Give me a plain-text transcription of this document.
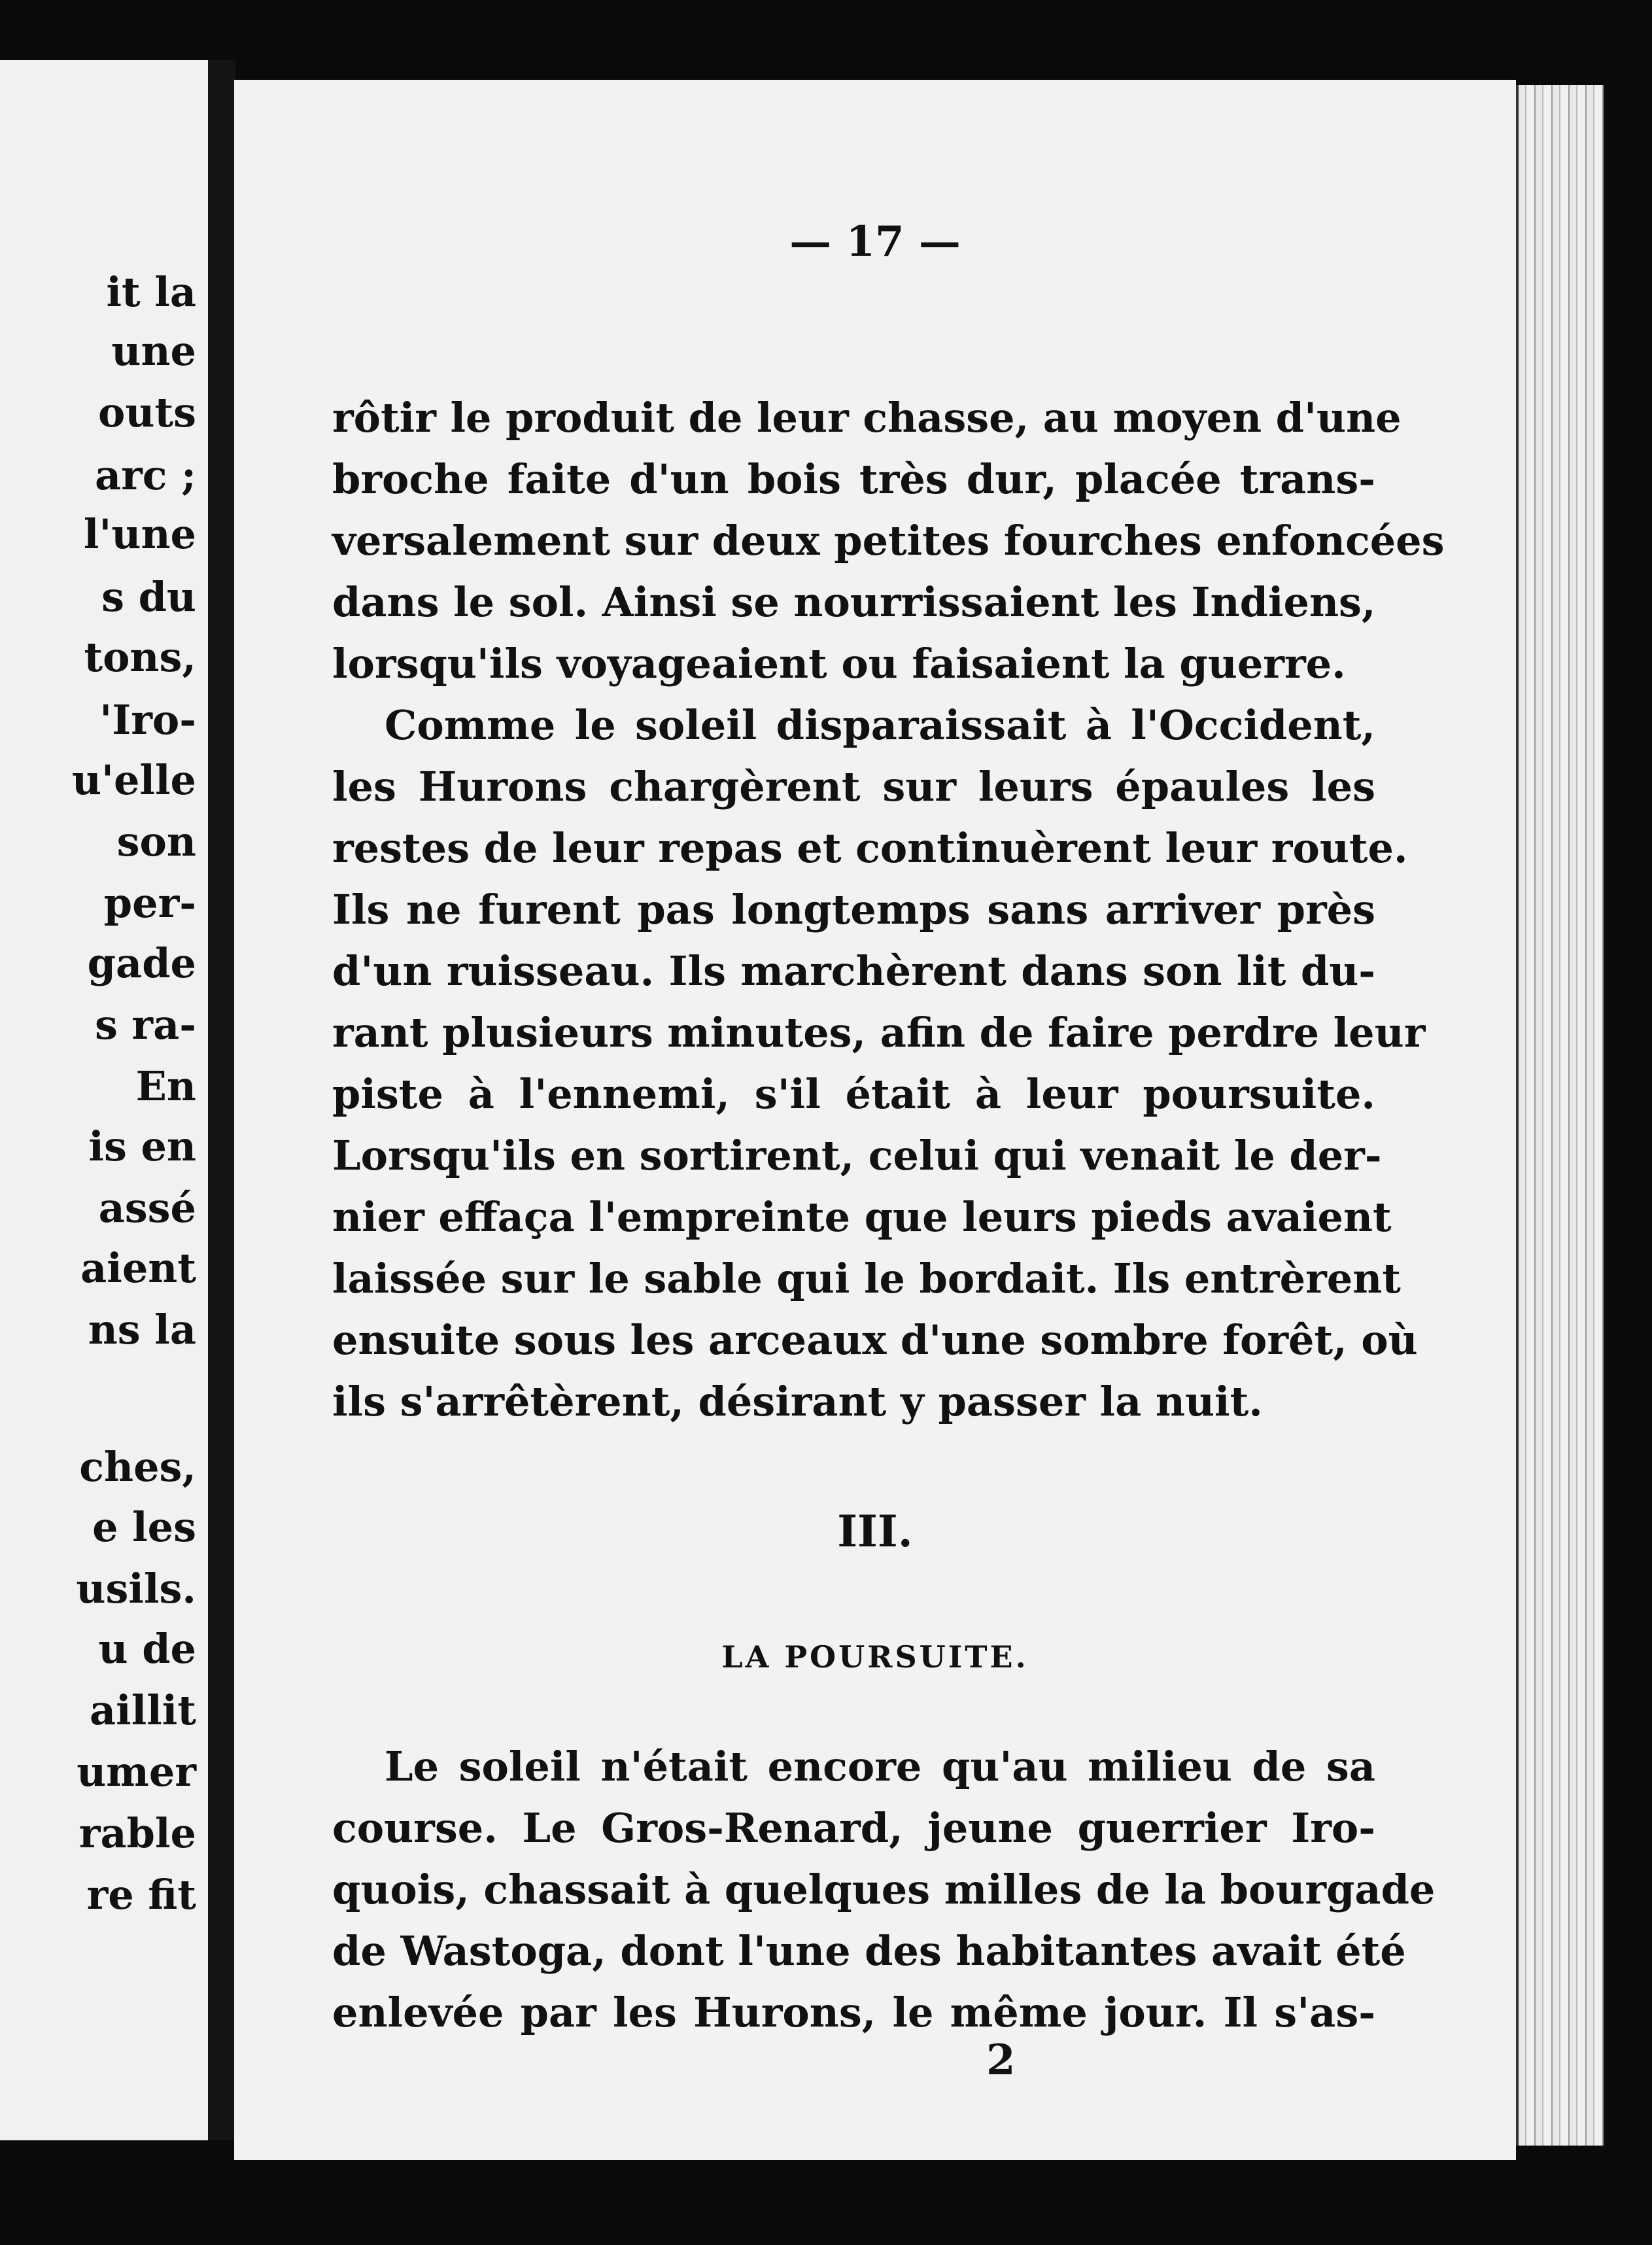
it la
une
outs
arc ;
l'une
s du
tons,
'Iro-
u'elle
son
per-
gade
s ra-
En
is en
assé
aient
ns la
ches,
e les
usils.
u de
aillit
umer
rable
re fit
— 17 —
rôtir le produit de leur chasse, au moyen d'une
broche faite d'un bois très dur, placée trans-
versalement sur deux petites fourches enfoncées
dans le sol. Ainsi se nourrissaient les Indiens,
lorsqu'ils voyageaient ou faisaient la guerre.
Comme le soleil disparaissait à l'Occident,
les Hurons chargèrent sur leurs épaules les
restes de leur repas et continuèrent leur route.
Ils ne furent pas longtemps sans arriver près
d'un ruisseau. Ils marchèrent dans son lit du-
rant plusieurs minutes, afin de faire perdre leur
piste à l'ennemi, s'il était à leur poursuite.
Lorsqu'ils en sortirent, celui qui venait le der-
nier effaça l'empreinte que leurs pieds avaient
laissée sur le sable qui le bordait. Ils entrèrent
ensuite sous les arceaux d'une sombre forêt, où
ils s'arrêtèrent, désirant y passer la nuit.
III.
LA POURSUITE.
Le soleil n'était encore qu'au milieu de sa
course. Le Gros-Renard, jeune guerrier Iro-
quois, chassait à quelques milles de la bourgade
de Wastoga, dont l'une des habitantes avait été
enlevée par les Hurons, le même jour. Il s'as-
2
